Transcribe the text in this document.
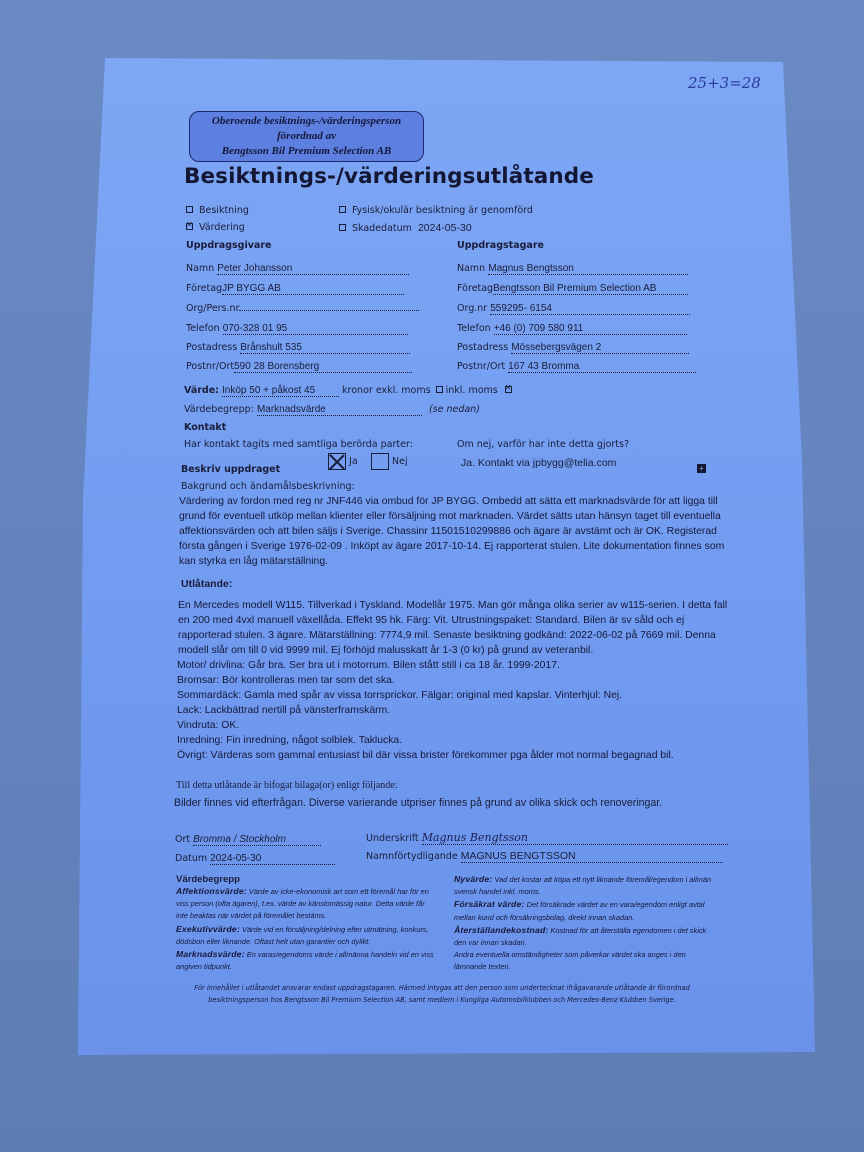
25+3=28
Oberoende besiktnings-/värderingsperson
förordnad av
Bengtsson Bil Premium Selection AB
Besiktnings-/värderingsutlåtande
Besiktning
✕Värdering
Fysisk/okulär besiktning är genomförd
Skadedatum 2024-05-30
Uppdragsgivare
Namn Peter Johansson
FöretagJP BYGG AB
Org/Pers.nr
Telefon 070-328 01 95
Postadress Brånshult 535
Postnr/Ort590 28 Borensberg
Uppdragstagare
Namn Magnus Bengtsson
FöretagBengtsson Bil Premium Selection AB
Org.nr 559295- 6154
Telefon +46 (0) 709 580 911
Postadress Mössebergsvägen 2
Postnr/Ort 167 43 Bromma
Värde: Inköp 50 + påkost 45	kronor exkl. moms inkl. moms ✕
Värdebegrepp: Marknadsvärde	(se nedan)
Kontakt
Har kontakt tagits med samtliga berörda parter:
Ja	Nej
Om nej, varför har inte detta gjorts?
Ja. Kontakt via jpbygg@telia.com	+
Beskriv uppdraget
Bakgrund och ändamålsbeskrivning:
Värdering av fordon med reg nr JNF446 via ombud för JP BYGG. Ombedd att sätta ett marknadsvärde för att ligga till grund för eventuell utköp mellan klienter eller försäljning mot marknaden. Värdet sätts utan hänsyn taget till eventuella affektionsvärden och att bilen säljs i Sverige. Chassinr 11501510299886 och ägare är avstämt och är OK. Registerad första gången i Sverige 1976-02-09 . Inköpt av ägare 2017-10-14. Ej rapporterat stulen. Lite dokumentation finnes som kan styrka en låg mätarställning.
Utlåtande:
En Mercedes modell W115. Tillverkad i Tyskland. Modellår 1975. Man gör många olika serier av w115-serien. I detta fall en 200 med 4vxl manuell växellåda. Effekt 95 hk. Färg: Vit. Utrustningspaket: Standard. Bilen är sv såld och ej rapporterad stulen. 3 ägare. Mätarställning: 7774,9 mil. Senaste besiktning godkänd: 2022-06-02 på 7669 mil. Denna modell slår om till 0 vid 9999 mil. Ej förhöjd malusskatt år 1-3 (0 kr) på grund av veteranbil.
Motor/ drivlina: Går bra. Ser bra ut i motorrum. Bilen stått still i ca 18 år. 1999-2017.
Bromsar: Bör kontrolleras men tar som det ska.
Sommardäck: Gamla med spår av vissa torrsprickor. Fälgar: original med kapslar. Vinterhjul: Nej.
Lack: Lackbättrad nertill på vänsterframskärm.
Vindruta: OK.
Inredning: Fin inredning, något solblek. Taklucka.
Övrigt: Värderas som gammal entusiast bil där vissa brister förekommer pga ålder mot normal begagnad bil.
Till detta utlåtande är bifogat bilaga(or) enligt följande:
Bilder finnes vid efterfrågan. Diverse varierande utpriser finnes på grund av olika skick och renoveringar.
Ort Bromma / Stockholm
Datum 2024-05-30
Underskrift Magnus Bengtsson
Namnförtydligande MAGNUS BENGTSSON
Värdebegrepp
Affektionsvärde: Värde av icke-ekonomisk art som ett föremål har för en viss person (ofta ägaren), t.ex. värde av känslomässig natur. Detta värde får inte beaktas när värdet på föremålet bestäms.
Exekutivvärde: Värde vid en försäljning/delning efter utmätning, konkurs, dödsbon eller liknande. Oftast helt utan garantier och dylikt.
Marknadsvärde: En varas/egendoms värde i allmänna handeln vid en viss angiven tidpunkt.
Nyvärde: Vad det kostar att köpa ett nytt liknande föremål/egendom i allmän svensk handel inkl. moms.
Försäkrat värde: Det försäkrade värdet av en vara/egendom enligt avtal mellan kund och försäkringsbolag, direkt innan skadan.
Återställandekostnad: Kostnad för att återställa egendomen i det skick den var innan skadan.
Andra eventuella omständigheter som påverkar värdet ska anges i den lämnande texten.
För innehållet i utlåtandet ansvarar endast uppdragstagaren. Härmed intygas att den person som undertecknat ifrågavarande utlåtande är förordnad besiktningsperson hos Bengtsson Bil Premium Selection AB, samt medlem i Kungliga Automobilklubben och Mercedes-Benz Klubben Sverige.
